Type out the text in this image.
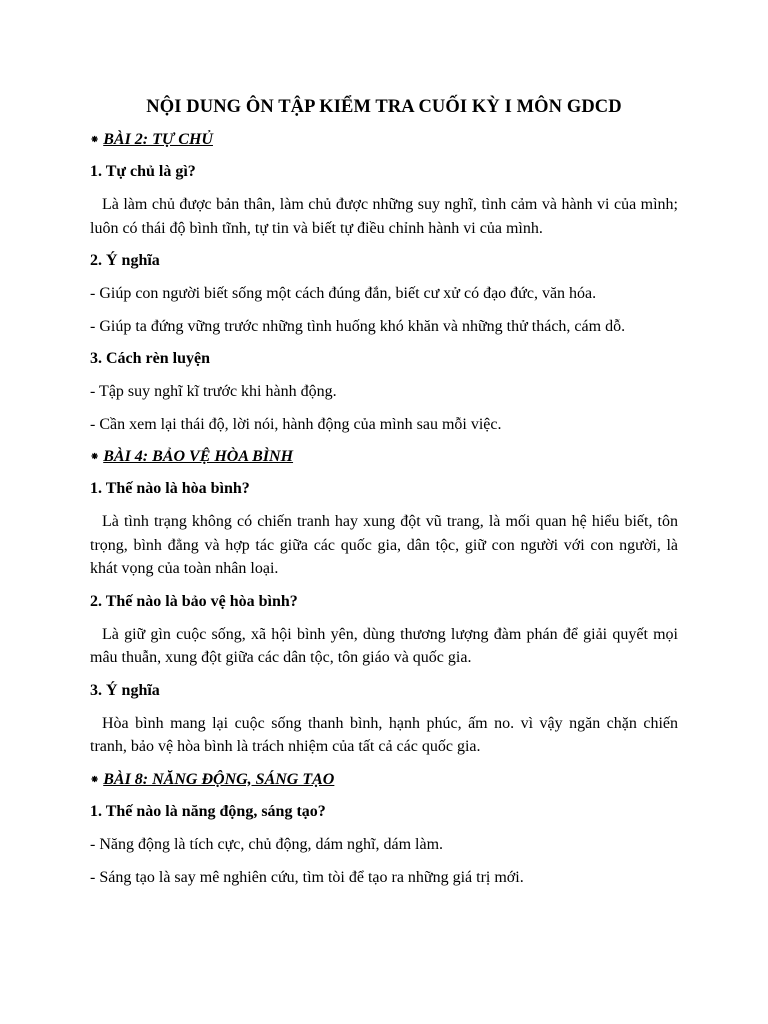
NỘI DUNG ÔN TẬP KIỂM TRA CUỐI KỲ I MÔN GDCD

⁕ BÀI 2: TỰ CHỦ

1. Tự chủ là gì?

Là làm chủ được bản thân, làm chủ được những suy nghĩ, tình cảm và hành vi của mình; luôn có thái độ bình tĩnh, tự tin và biết tự điều chỉnh hành vi của mình.

2. Ý nghĩa

- Giúp con người biết sống một cách đúng đắn, biết cư xử có đạo đức, văn hóa.

- Giúp ta đứng vững trước những tình huống khó khăn và những thử thách, cám dỗ.

3. Cách rèn luyện

- Tập suy nghĩ kĩ trước khi hành động.

- Cần xem lại thái độ, lời nói, hành động của mình sau mỗi việc.

⁕ BÀI 4: BẢO VỆ HÒA BÌNH

1. Thế nào là hòa bình?

Là tình trạng không có chiến tranh hay xung đột vũ trang, là mối quan hệ hiểu biết, tôn trọng, bình đẳng và hợp tác giữa các quốc gia, dân tộc, giữ con người với con người, là khát vọng của toàn nhân loại.

2. Thế nào là bảo vệ hòa bình?

Là giữ gìn cuộc sống, xã hội bình yên, dùng thương lượng đàm phán để giải quyết mọi mâu thuẫn, xung đột giữa các dân tộc, tôn giáo và quốc gia.

3. Ý nghĩa

Hòa bình mang lại cuộc sống thanh bình, hạnh phúc, ấm no. vì vậy ngăn chặn chiến tranh, bảo vệ hòa bình là trách nhiệm của tất cả các quốc gia.

⁕ BÀI 8: NĂNG ĐỘNG, SÁNG TẠO

1. Thế nào là năng động, sáng tạo?

- Năng động là tích cực, chủ động, dám nghĩ, dám làm.

- Sáng tạo là say mê nghiên cứu, tìm tòi để tạo ra những giá trị mới.
